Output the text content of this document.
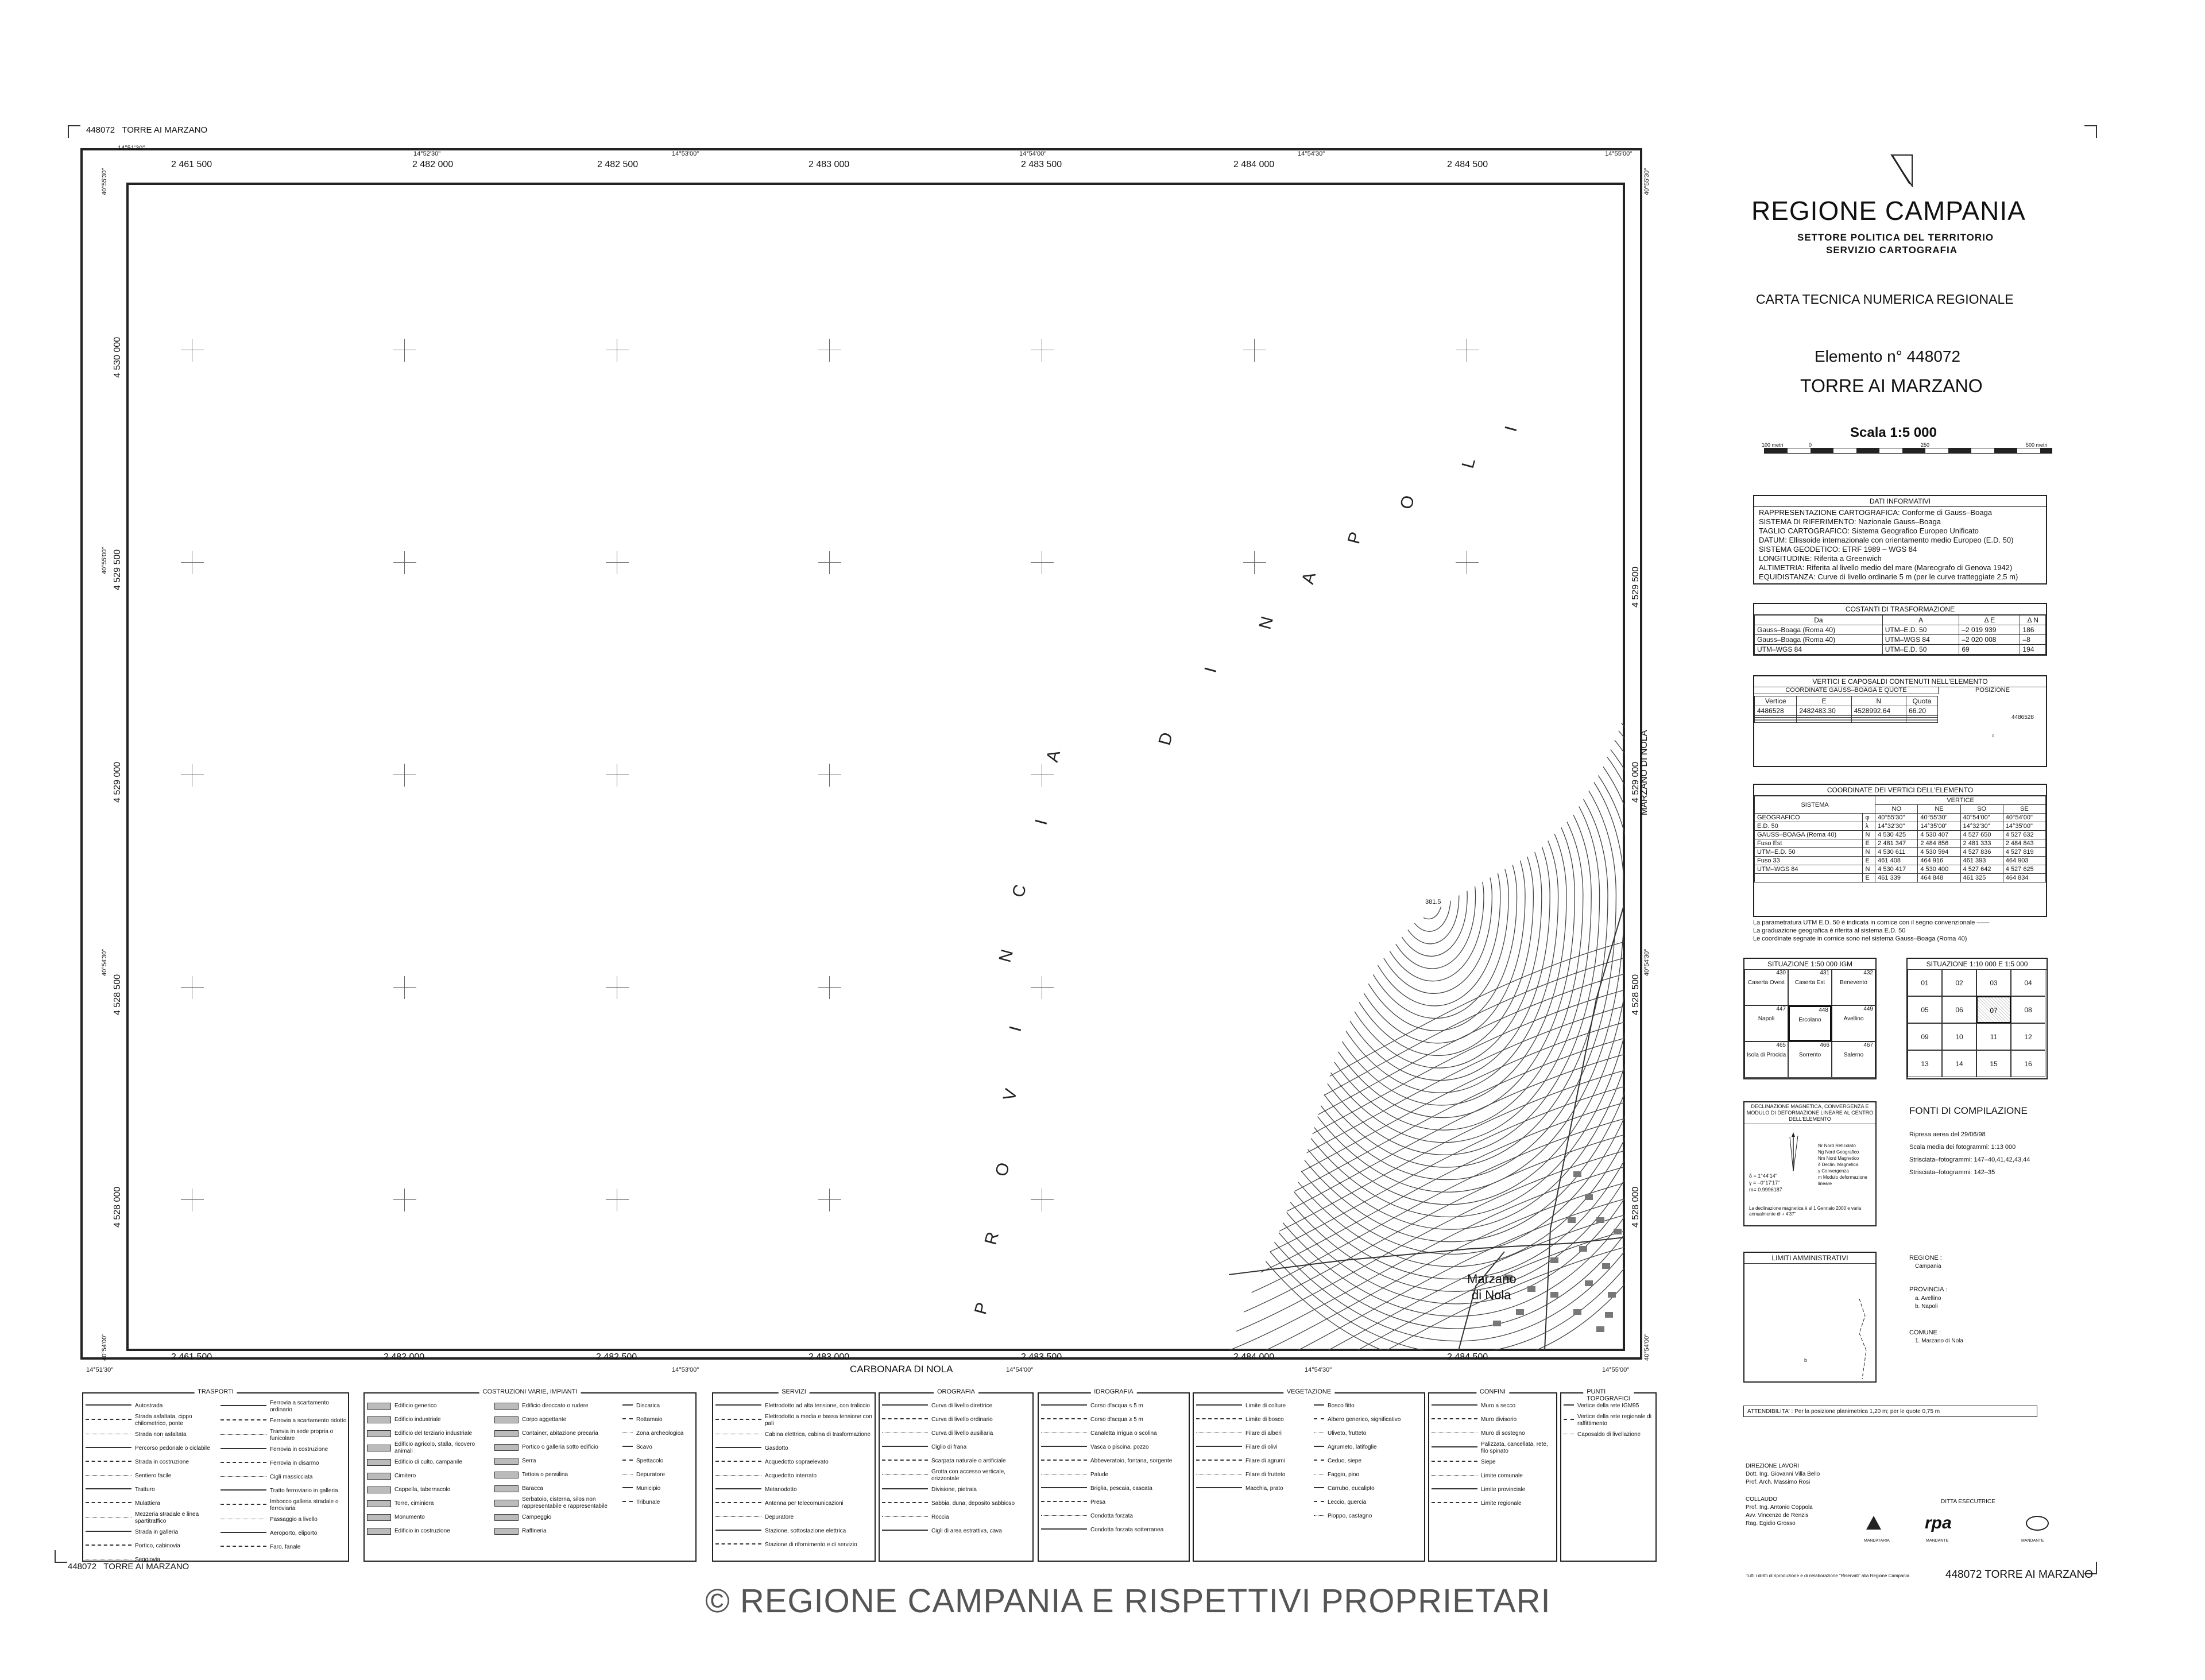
448072 TORRE AI MARZANO
2 461 500	2 482 000	2 482 500	2 483 000	2 483 500	2 484 000	2 484 500
14°51'30"
14°52'30"	14°53'00"	14°54'00"	14°54'30"	14°55'00"
2 461 500	2 482 000	2 482 500	2 483 000	2 483 500	2 484 000	2 484 500
14°51'30"	14°53'00"	14°54'00"	14°54'30"	14°55'00"
CARBONARA DI NOLA
4 530 000
4 529 500
4 529 000
4 528 500
4 528 000
40°55'30"
40°55'00"
40°54'30"
40°54'00"
4 529 500
4 529 000
4 528 500
4 528 000
40°55'30"
40°54'30"
40°54'00"
MARZANO DI NOLA
381.5
Marzano
di Nola
P
R
O
V
I
N
C
I
A
D
I
N
A
P
O
L
I
TRASPORTI
Autostrada
Strada asfaltata, cippo chilometrico, ponte
Strada non asfaltata
Percorso pedonale o ciclabile
Strada in costruzione
Sentiero facile
Tratturo
Mulattiera
Mezzeria stradale e linea spartitraffico
Strada in galleria
Portico, cabinovia
Seggiovia
Ferrovia a scartamento ordinario
Ferrovia a scartamento ridotto
Tranvia in sede propria o funicolare
Ferrovia in costruzione
Ferrovia in disarmo
Cigli massicciata
Tratto ferroviario in galleria
Imbocco galleria stradale o ferroviaria
Passaggio a livello
Aeroporto, eliporto
Faro, fanale
COSTRUZIONI VARIE, IMPIANTI
Edificio generico
Edificio industriale
Edificio del terziario industriale
Edificio agricolo, stalla, ricovero animali
Edificio di culto, campanile
Cimitero
Cappella, tabernacolo
Torre, ciminiera
Monumento
Edificio in costruzione
Edificio diroccato o rudere
Corpo aggettante
Container, abitazione precaria
Portico o galleria sotto edificio
Serra
Tettoia o pensilina
Baracca
Serbatoio, cisterna, silos non rappresentabile e rappresentabile
Campeggio
Raffineria
Discarica
Rottamaio
Zona archeologica
Scavo
Spettacolo
Depuratore
Municipio
Tribunale
SERVIZI
Elettrodotto ad alta tensione, con traliccio
Elettrodotto a media e bassa tensione con pali
Cabina elettrica, cabina di trasformazione
Gasdotto
Acquedotto sopraelevato
Acquedotto interrato
Metanodotto
Antenna per telecomunicazioni
Depuratore
Stazione, sottostazione elettrica
Stazione di rifornimento e di servizio
OROGRAFIA
Curva di livello direttrice
Curva di livello ordinario
Curva di livello ausiliaria
Ciglio di frana
Scarpata naturale o artificiale
Grotta con accesso verticale, orizzontale
Divisione, pietraia
Sabbia, duna, deposito sabbioso
Roccia
Cigli di area estrattiva, cava
IDROGRAFIA
Corso d'acqua ≤ 5 m
Corso d'acqua ≥ 5 m
Canaletta irrigua o scolina
Vasca o piscina, pozzo
Abbeveratoio, fontana, sorgente
Palude
Briglia, pescaia, cascata
Presa
Condotta forzata
Condotta forzata sotterranea
VEGETAZIONE
Limite di colture
Limite di bosco
Filare di alberi
Filare di olivi
Filare di agrumi
Filare di frutteto
Macchia, prato
Bosco fitto
Albero generico, significativo
Uliveto, frutteto
Agrumeto, latifoglie
Ceduo, siepe
Faggio, pino
Carrubo, eucalipto
Leccio, quercia
Pioppo, castagno
CONFINI
Muro a secco
Muro divisorio
Muro di sostegno
Palizzata, cancellata, rete, filo spinato
Siepe
Limite comunale
Limite provinciale
Limite regionale
PUNTI TOPOGRAFICI
Vertice della rete IGM95
Vertice della rete regionale di raffittimento
Caposaldo di livellazione
448072 TORRE AI MARZANO
REGIONE CAMPANIA
SETTORE POLITICA DEL TERRITORIO
SERVIZIO CARTOGRAFIA
CARTA TECNICA NUMERICA REGIONALE
Elemento n° 448072
TORRE AI MARZANO
Scala 1:5 000
100 metri	0	250	500 metri
DATI INFORMATIVI
RAPPRESENTAZIONE CARTOGRAFICA: Conforme di Gauss–Boaga
SISTEMA DI RIFERIMENTO: Nazionale Gauss–Boaga
TAGLIO CARTOGRAFICO: Sistema Geografico Europeo Unificato
DATUM: Ellissoide internazionale con orientamento medio Europeo (E.D. 50)
SISTEMA GEODETICO: ETRF 1989 – WGS 84
LONGITUDINE: Riferita a Greenwich
ALTIMETRIA: Riferita al livello medio del mare (Mareografo di Genova 1942)
EQUIDISTANZA: Curve di livello ordinarie 5 m (per le curve tratteggiate 2,5 m)
COSTANTI DI TRASFORMAZIONE
Da	A	Δ E	Δ N
Gauss–Boaga (Roma 40)	UTM–E.D. 50	–2 019 939	186
Gauss–Boaga (Roma 40)	UTM–WGS 84	–2 020 008	–8
UTM–WGS 84	UTM–E.D. 50	69	194
VERTICI E CAPOSALDI CONTENUTI NELL'ELEMENTO
COORDINATE GAUSS–BOAGA E QUOTE	POSIZIONE
Vertice	E	N	Quota
4486528	2482483.30	4528992.64	66.20

4486528
♀
COORDINATE DEI VERTICI DELL'ELEMENTO
SISTEMA		VERTICE			
		NO	NE	SO	SE
GEOGRAFICO	φ	40°55'30"	40°55'30"	40°54'00"	40°54'00"
E.D. 50	λ	14°32'30"	14°35'00"	14°32'30"	14°35'00"
GAUSS–BOAGA (Roma 40)	N	4 530 425	4 530 407	4 527 650	4 527 632
Fuso Est	E	2 481 347	2 484 856	2 481 333	2 484 843
UTM–E.D. 50	N	4 530 611	4 530 594	4 527 836	4 527 819
Fuso 33	E	461 408	464 916	461 393	464 903
UTM–WGS 84	N	4 530 417	4 530 400	4 527 642	4 527 625
	E	461 339	464 848	461 325	464 834
La parametratura UTM E.D. 50 è indicata in cornice con il segno convenzionale ——
La graduazione geografica è riferita al sistema E.D. 50
Le coordinate segnate in cornice sono nel sistema Gauss–Boaga (Roma 40)
SITUAZIONE 1:50 000 IGM
430
Caserta Ovest
431
Caserta Est
432
Benevento
447
Napoli
448
Ercolano
449
Avellino
465
Isola di Procida
466
Sorrento
467
Salerno
SITUAZIONE 1:10 000 E 1:5 000
01	02	03	04
05	06	07	08
09	10	11	12
13	14	15	16
DECLINAZIONE MAGNETICA, CONVERGENZA E MODULO DI DEFORMAZIONE LINEARE AL CENTRO DELL'ELEMENTO
δ = 1°44'14"
γ = –0°17'17"
m= 0.9996187
Nr Nord Reticolato
Ng Nord Geografico
Nm Nord Magnetico
δ Declin. Magnetica
γ Convergenza
m Modulo deformazione lineare
La declinazione magnetica è al 1 Gennaio 2000 e varia annualmente di + 4'37"
FONTI DI COMPILAZIONE
Ripresa aerea del 29/06/98
Scala media dei fotogrammi: 1:13 000
Strisciata–fotogrammi: 147–40,41,42,43,44
Strisciata–fotogrammi: 142–35
LIMITI AMMINISTRATIVI
b
REGIONE :
Campania
PROVINCIA :
a. Avellino
b. Napoli
COMUNE :
1. Marzano di Nola
ATTENDIBILITA' : Per la posizione planimetrica 1,20 m; per le quote 0,75 m
DIREZIONE LAVORI
Dott. Ing. Giovanni Villa Bello
Prof. Arch. Massimo Rosi
COLLAUDO
Prof. Ing. Antonio Coppola
Avv. Vincenzo de Renzis
Rag. Egidio Grosso
DITTA ESECUTRICE
rpa
MANDATARIA	MANDANTE	MANDANTE
Tutti i diritti di riproduzione e di rielaborazione "Riservati" alla Regione Campania	448072 TORRE AI MARZANO
© REGIONE CAMPANIA E RISPETTIVI PROPRIETARI
